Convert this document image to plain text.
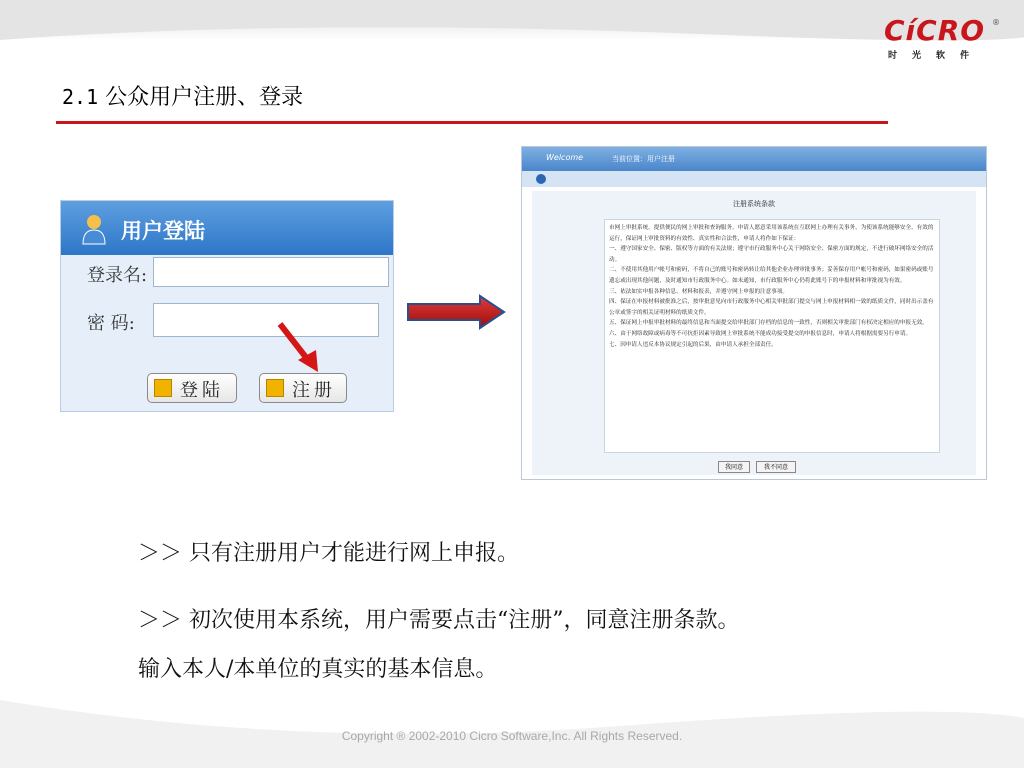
CíCRO ®
时光软件
2.1 公众用户注册、登录
用户登陆
登录名:
密 码:
登陆	注册
Welcome	当前位置：用户注册
注册系统条款

市网上审批系统，提供便民的网上审批和查询服务。申请人愿意采用该系统在互联网上办理有关事务，为使该系统能够安全、有效的运行，保证网上审批资料的有效性、真实性和合法性，申请人将作如下保证：

一、遵守国家安全、保密、版权等方面的有关法规；遵守市行政服务中心关于网络安全、保密方面的规定，不进行破坏网络安全的活动。

二、不使用其他用户帐号和密码，不将自己的账号和密码转让给其他企业办理审批事务；妥善保存用户帐号和密码，如果密码或账号遗忘或出现其他问题，及时通知市行政服务中心。如未通知，市行政服务中心仍将此账号下的申报材料和审批视为有效。

三、依法如实申报各种信息、材料和报表，并遵守网上申报的注意事项。

四、保证在申报材料被批准之后，按审批意见向市行政服务中心相关审批部门提交与网上申报材料相一致的纸质文件，同时出示盖有公章或签字的相关证明材料的纸质文件。

五、保证网上申报审批材料的最终信息和当面提交给审批部门存档的信息的一致性，否则相关审批部门有权决定相应的申报无效。

六、由于网络故障或病毒等不可抗拒因素导致网上审批系统不能成功接受提交的申报信息时，申请人将根据需要另行申请。

七、因申请人违反本协议规定引起的后果，由申请人承担全部责任。

我同意	我不同意
＞＞ 只有注册用户才能进行网上申报。
＞＞ 初次使用本系统，用户需要点击“注册”，同意注册条款。
输入本人/本单位的真实的基本信息。
Copyright ® 2002-2010 Cicro Software,Inc. All Rights Reserved.
